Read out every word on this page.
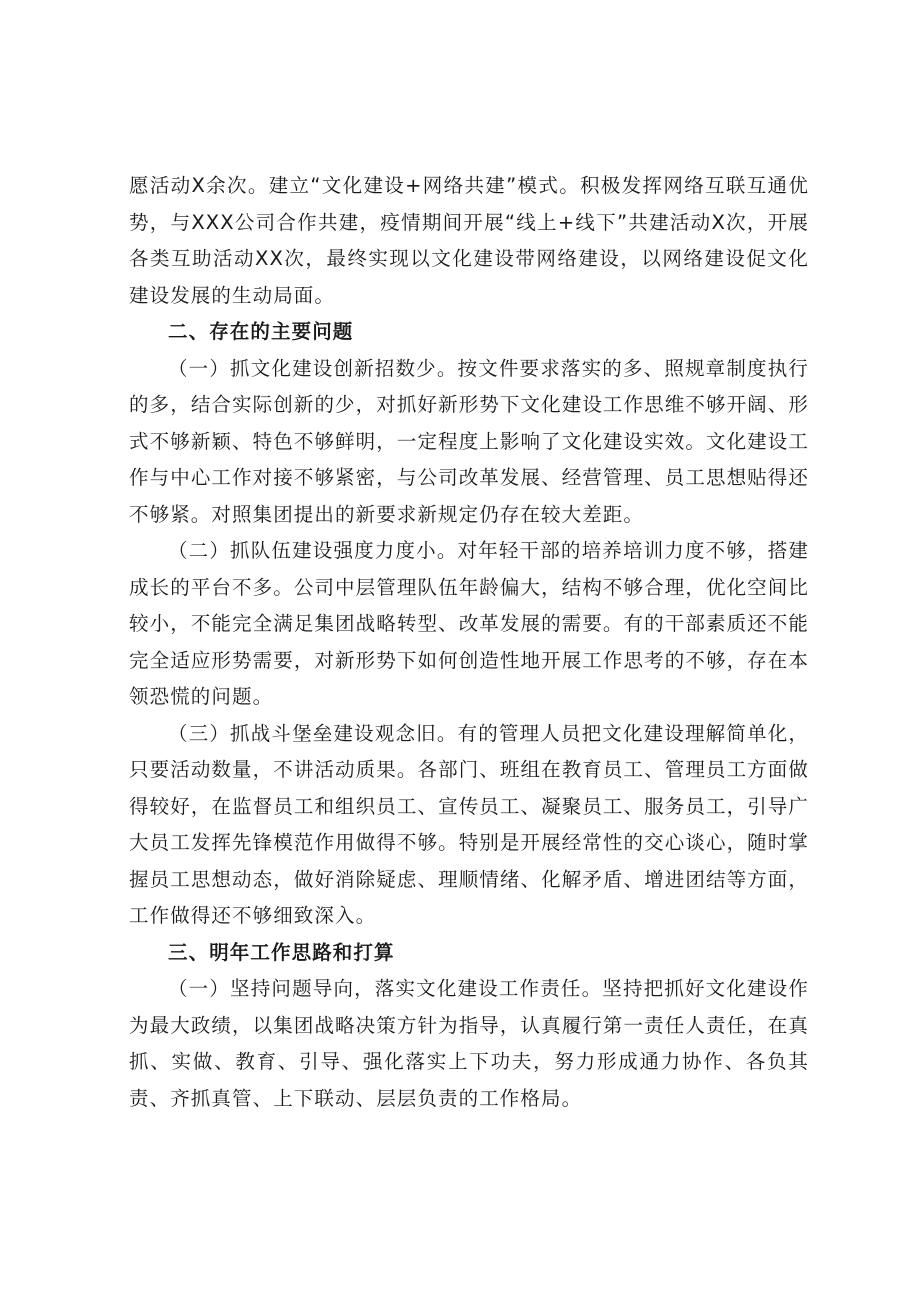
愿活动X余次。建立“文化建设+网络共建”模式。积极发挥网络互联互通优势，与XXX公司合作共建，疫情期间开展“线上+线下”共建活动X次，开展各类互助活动XX次，最终实现以文化建设带网络建设，以网络建设促文化建设发展的生动局面。

二、存在的主要问题

（一）抓文化建设创新招数少。按文件要求落实的多、照规章制度执行的多，结合实际创新的少，对抓好新形势下文化建设工作思维不够开阔、形式不够新颖、特色不够鲜明，一定程度上影响了文化建设实效。文化建设工作与中心工作对接不够紧密，与公司改革发展、经营管理、员工思想贴得还不够紧。对照集团提出的新要求新规定仍存在较大差距。

（二）抓队伍建设强度力度小。对年轻干部的培养培训力度不够，搭建成长的平台不多。公司中层管理队伍年龄偏大，结构不够合理，优化空间比较小，不能完全满足集团战略转型、改革发展的需要。有的干部素质还不能完全适应形势需要，对新形势下如何创造性地开展工作思考的不够，存在本领恐慌的问题。

（三）抓战斗堡垒建设观念旧。有的管理人员把文化建设理解简单化，只要活动数量，不讲活动质果。各部门、班组在教育员工、管理员工方面做得较好，在监督员工和组织员工、宣传员工、凝聚员工、服务员工，引导广大员工发挥先锋模范作用做得不够。特别是开展经常性的交心谈心，随时掌握员工思想动态，做好消除疑虑、理顺情绪、化解矛盾、增进团结等方面，工作做得还不够细致深入。

三、明年工作思路和打算

（一）坚持问题导向，落实文化建设工作责任。坚持把抓好文化建设作为最大政绩，以集团战略决策方针为指导，认真履行第一责任人责任，在真抓、实做、教育、引导、强化落实上下功夫，努力形成通力协作、各负其责、齐抓真管、上下联动、层层负责的工作格局。
